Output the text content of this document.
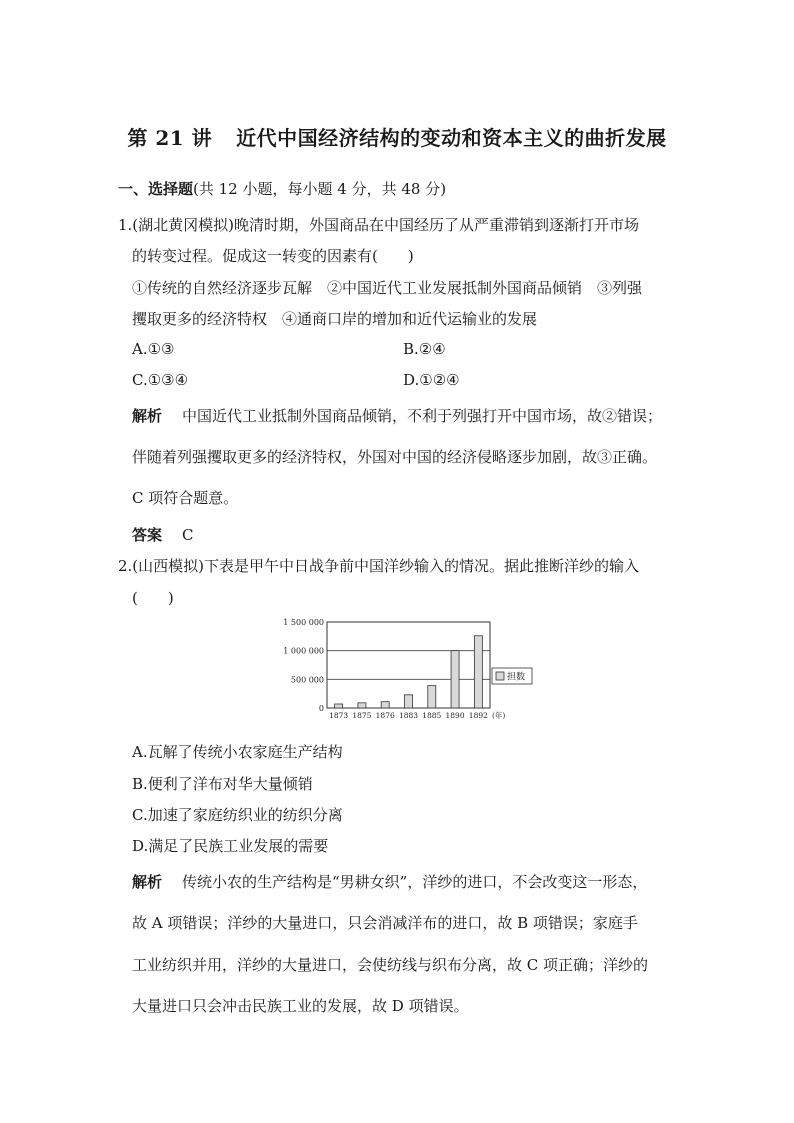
第 21 讲 近代中国经济结构的变动和资本主义的曲折发展
一、选择题(共 12 小题，每小题 4 分，共 48 分)
1.(湖北黄冈模拟)晚清时期，外国商品在中国经历了从严重滞销到逐渐打开市场
的转变过程。促成这一转变的因素有(　　)
①传统的自然经济逐步瓦解　②中国近代工业发展抵制外国商品倾销　③列强
攫取更多的经济特权　④通商口岸的增加和近代运输业的发展
A.①③	B.②④
C.①③④	D.①②④
解析 中国近代工业抵制外国商品倾销，不利于列强打开中国市场，故②错误；
伴随着列强攫取更多的经济特权，外国对中国的经济侵略逐步加剧，故③正确。
C 项符合题意。
答案 C
2.(山西模拟)下表是甲午中日战争前中国洋纱输入的情况。据此推断洋纱的输入
(　　)
0
500 000
1 000 000
1 500 000
1873 1875 1876 1883 1885 1890 1892 (年)
担数
A.瓦解了传统小农家庭生产结构
B.便利了洋布对华大量倾销
C.加速了家庭纺织业的纺织分离
D.满足了民族工业发展的需要
解析 传统小农的生产结构是“男耕女织”，洋纱的进口，不会改变这一形态，
故 A 项错误；洋纱的大量进口，只会消减洋布的进口，故 B 项错误；家庭手
工业纺织并用，洋纱的大量进口，会使纺线与织布分离，故 C 项正确；洋纱的
大量进口只会冲击民族工业的发展，故 D 项错误。
